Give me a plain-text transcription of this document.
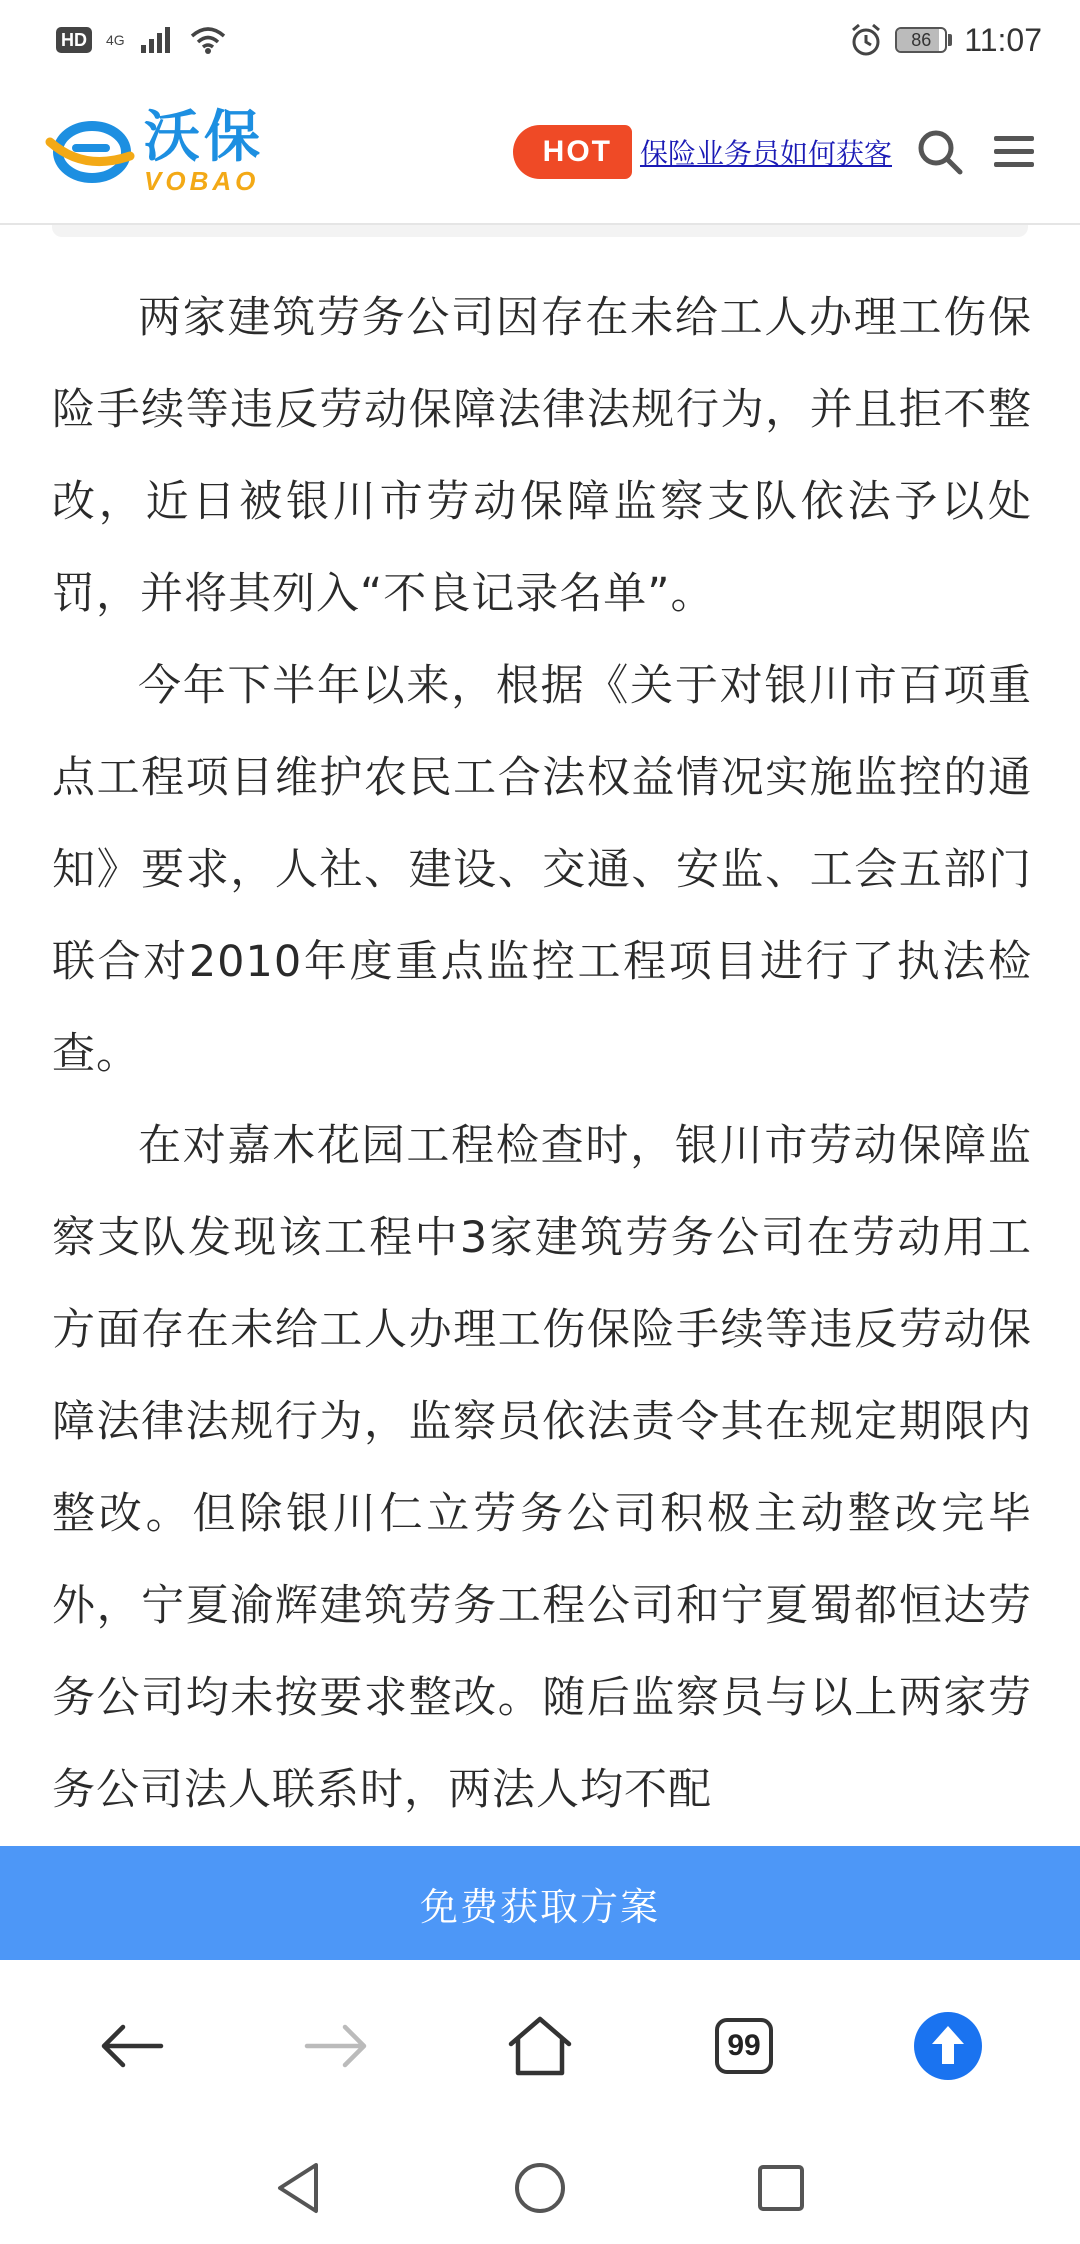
HD	4G	86	11:07
沃保
VOBAO
HOT	保险业务员如何获客

两家建筑劳务公司因存在未给工人办理工伤保险手续等违反劳动保障法律法规行为，并且拒不整改，近日被银川市劳动保障监察支队依法予以处罚，并将其列入“不良记录名单”。

今年下半年以来，根据《关于对银川市百项重点工程项目维护农民工合法权益情况实施监控的通知》要求，人社、建设、交通、安监、工会五部门联合对2010年度重点监控工程项目进行了执法检查。

在对嘉木花园工程检查时，银川市劳动保障监察支队发现该工程中3家建筑劳务公司在劳动用工方面存在未给工人办理工伤保险手续等违反劳动保障法律法规行为，监察员依法责令其在规定期限内整改。但除银川仁立劳务公司积极主动整改完毕外，宁夏渝辉建筑劳务工程公司和宁夏蜀都恒达劳务公司均未按要求整改。随后监察员与以上两家劳务公司法人联系时，两法人均不配

免费获取方案
99
